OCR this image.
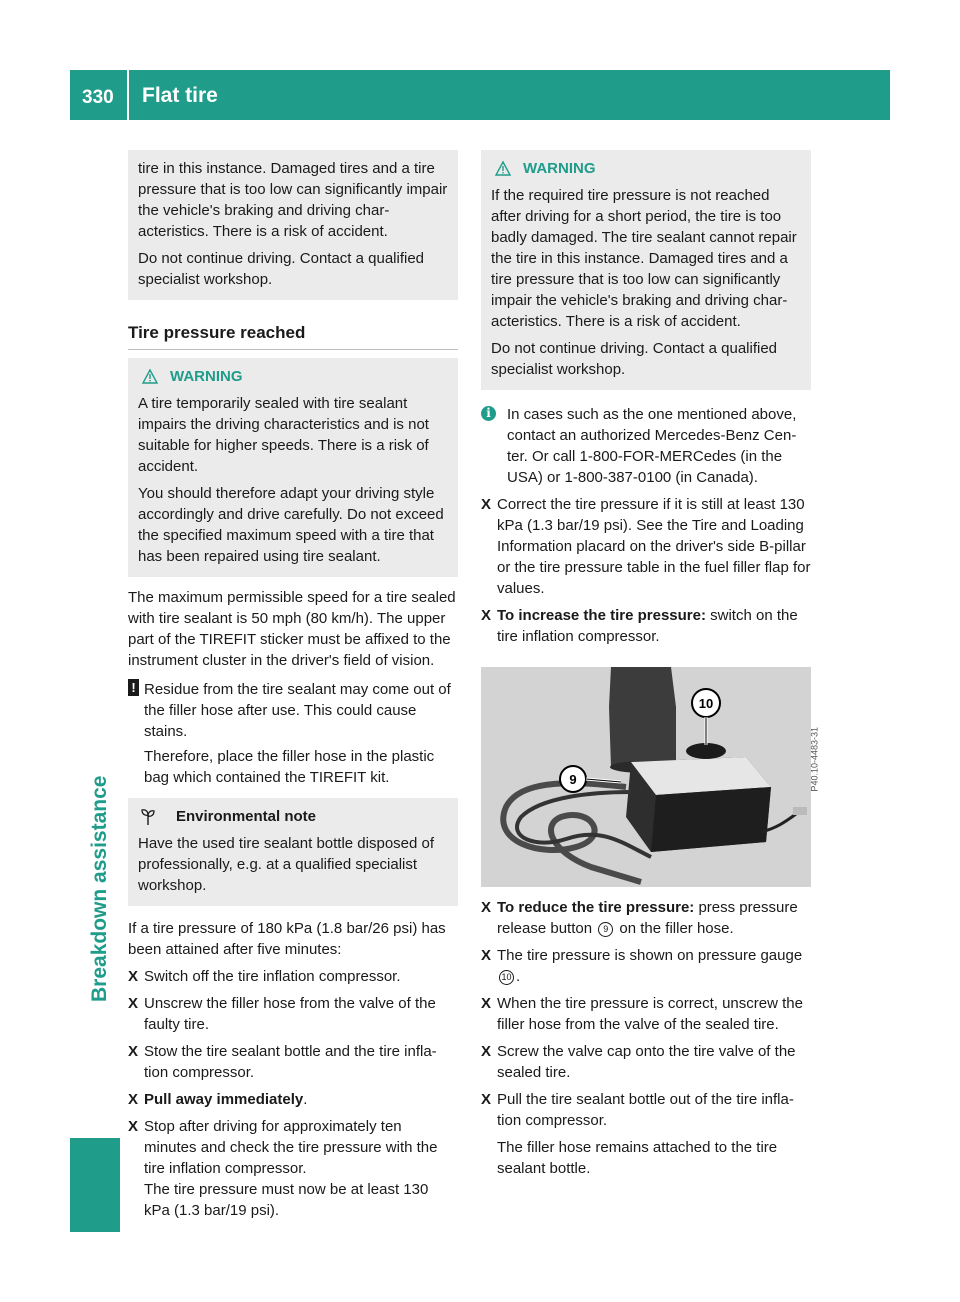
330 Flat tire
Breakdown assistance

tire in this instance. Damaged tires and a tire pressure that is too low can significantly impair the vehicle's braking and driving char-acteristics. There is a risk of accident.

Do not continue driving. Contact a qualified specialist workshop.

Tire pressure reached
WARNING

A tire temporarily sealed with tire sealant impairs the driving characteristics and is not suitable for higher speeds. There is a risk of accident.

You should therefore adapt your driving style accordingly and drive carefully. Do not exceed the specified maximum speed with a tire that has been repaired using tire sealant.

The maximum permissible speed for a tire sealed with tire sealant is 50 mph (80 km/h). The upper part of the TIREFIT sticker must be affixed to the instrument cluster in the driver's field of vision.

! Residue from the tire sealant may come out of the filler hose after use. This could cause stains.

Therefore, place the filler hose in the plastic bag which contained the TIREFIT kit.

Environmental note

Have the used tire sealant bottle disposed of professionally, e.g. at a qualified specialist workshop.

If a tire pressure of 180 kPa (1.8 bar/26 psi) has been attained after five minutes:

X Switch off the tire inflation compressor.

X Unscrew the filler hose from the valve of the faulty tire.

X Stow the tire sealant bottle and the tire infla-tion compressor.

X Pull away immediately.

X Stop after driving for approximately ten minutes and check the tire pressure with the tire inflation compressor.

The tire pressure must now be at least 130 kPa (1.3 bar/19 psi).

WARNING

If the required tire pressure is not reached after driving for a short period, the tire is too badly damaged. The tire sealant cannot repair the tire in this instance. Damaged tires and a tire pressure that is too low can significantly impair the vehicle's braking and driving char-acteristics. There is a risk of accident.

Do not continue driving. Contact a qualified specialist workshop.

i	In cases such as the one mentioned above, contact an authorized Mercedes-Benz Cen-ter. Or call 1-800-FOR-MERCedes (in the USA) or 1-800-387-0100 (in Canada).

X Correct the tire pressure if it is still at least 130 kPa (1.3 bar/19 psi). See the Tire and Loading Information placard on the driver's side B-pillar or the tire pressure table in the fuel filler flap for values.

X To increase the tire pressure: switch on the tire inflation compressor.

10
9	P40.10-4483-31
X To reduce the tire pressure: press pressure release button 9 on the filler hose.

X The tire pressure is shown on pressure gauge 10 .

X When the tire pressure is correct, unscrew the filler hose from the valve of the sealed tire.

X Screw the valve cap onto the tire valve of the sealed tire.

X Pull the tire sealant bottle out of the tire infla-tion compressor.

The filler hose remains attached to the tire sealant bottle.
